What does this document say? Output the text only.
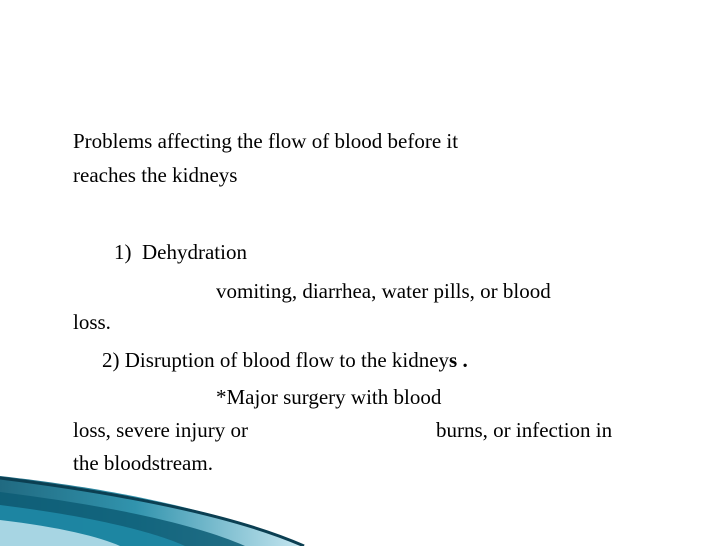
Problems affecting the flow of blood before it
reaches the kidneys
1) Dehydration
vomiting, diarrhea, water pills, or blood
loss.
2) Disruption of blood flow to the kidneys .
*Major surgery with blood
loss, severe injury or	burns, or infection in
the bloodstream.
